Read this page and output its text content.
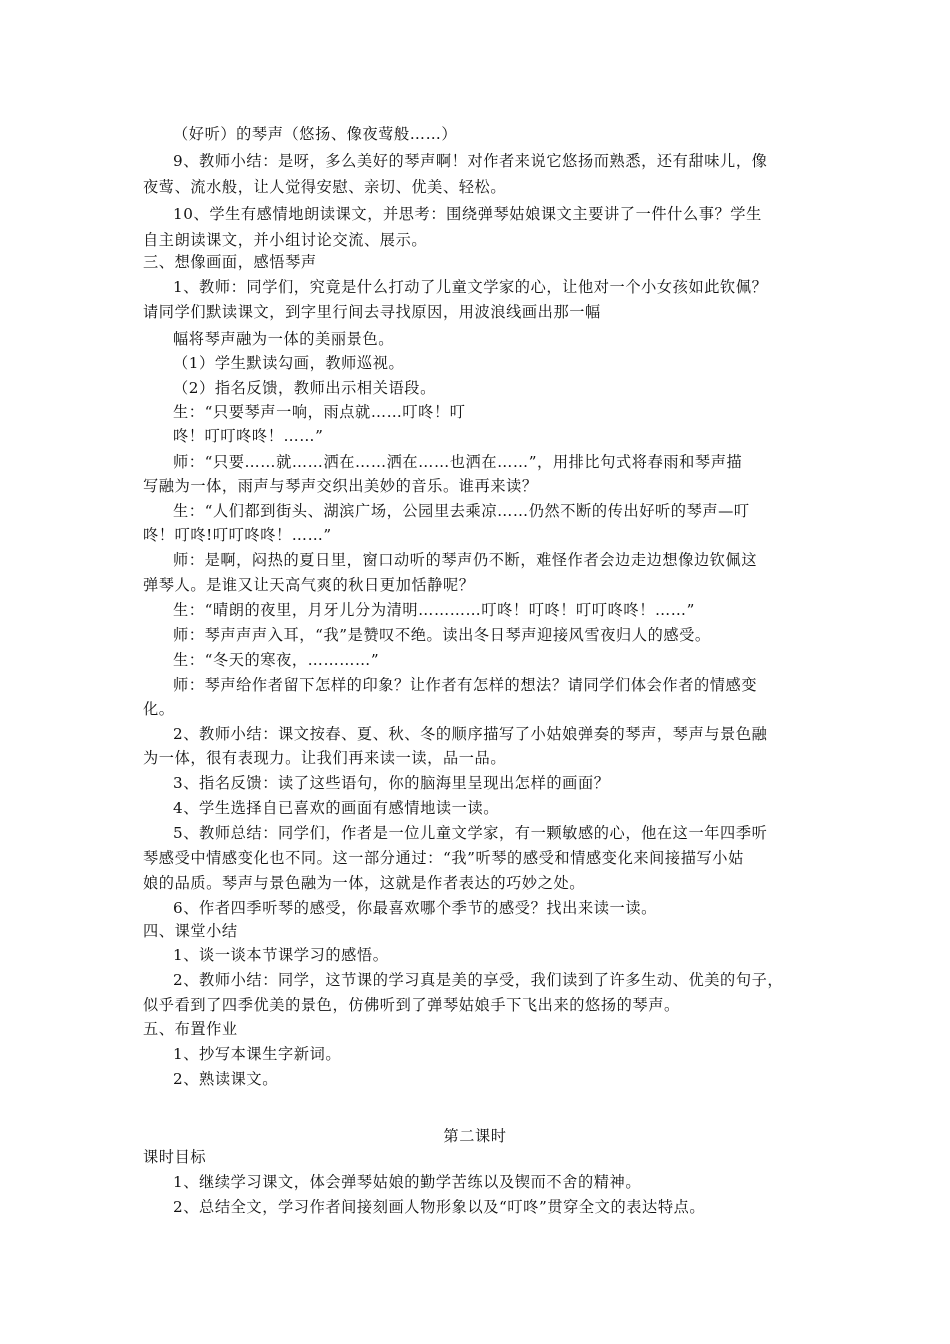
（好听）的琴声（悠扬、像夜莺般……）
9、教师小结：是呀，多么美好的琴声啊！对作者来说它悠扬而熟悉，还有甜味儿，像
夜莺、流水般，让人觉得安慰、亲切、优美、轻松。
10、学生有感情地朗读课文，并思考：围绕弹琴姑娘课文主要讲了一件什么事？学生
自主朗读课文，并小组讨论交流、展示。
三、想像画面，感悟琴声
1、教师：同学们，究竟是什么打动了儿童文学家的心，让他对一个小女孩如此钦佩？
请同学们默读课文，到字里行间去寻找原因，用波浪线画出那一幅
幅将琴声融为一体的美丽景色。
（1）学生默读勾画，教师巡视。
（2）指名反馈，教师出示相关语段。
生：“只要琴声一响，雨点就……叮咚！叮
咚！叮叮咚咚！……”
师：“只要……就……洒在……洒在……也洒在……”，用排比句式将春雨和琴声描
写融为一体，雨声与琴声交织出美妙的音乐。谁再来读？
生：“人们都到街头、湖滨广场，公园里去乘凉……仍然不断的传出好听的琴声—叮
咚！叮咚!叮叮咚咚！……”
师：是啊，闷热的夏日里，窗口动听的琴声仍不断，难怪作者会边走边想像边钦佩这
弹琴人。是谁又让天高气爽的秋日更加恬静呢？
生：“晴朗的夜里，月牙儿分为清明…………叮咚！叮咚！叮叮咚咚！……”
师：琴声声声入耳，“我”是赞叹不绝。读出冬日琴声迎接风雪夜归人的感受。
生：“冬天的寒夜，…………”
师：琴声给作者留下怎样的印象？让作者有怎样的想法？请同学们体会作者的情感变
化。
2、教师小结：课文按春、夏、秋、冬的顺序描写了小姑娘弹奏的琴声，琴声与景色融
为一体，很有表现力。让我们再来读一读，品一品。
3、指名反馈：读了这些语句，你的脑海里呈现出怎样的画面？
4、学生选择自已喜欢的画面有感情地读一读。
5、教师总结：同学们，作者是一位儿童文学家，有一颗敏感的心，他在这一年四季听
琴感受中情感变化也不同。这一部分通过：“我”听琴的感受和情感变化来间接描写小姑
娘的品质。琴声与景色融为一体，这就是作者表达的巧妙之处。
6、作者四季听琴的感受，你最喜欢哪个季节的感受？找出来读一读。
四、课堂小结
1、谈一谈本节课学习的感悟。
2、教师小结：同学，这节课的学习真是美的享受，我们读到了许多生动、优美的句子，
似乎看到了四季优美的景色，仿佛听到了弹琴姑娘手下飞出来的悠扬的琴声。
五、布置作业
1、抄写本课生字新词。
2、熟读课文。
第二课时
课时目标
1、继续学习课文，体会弹琴姑娘的勤学苦练以及锲而不舍的精神。
2、总结全文，学习作者间接刻画人物形象以及“叮咚”贯穿全文的表达特点。
